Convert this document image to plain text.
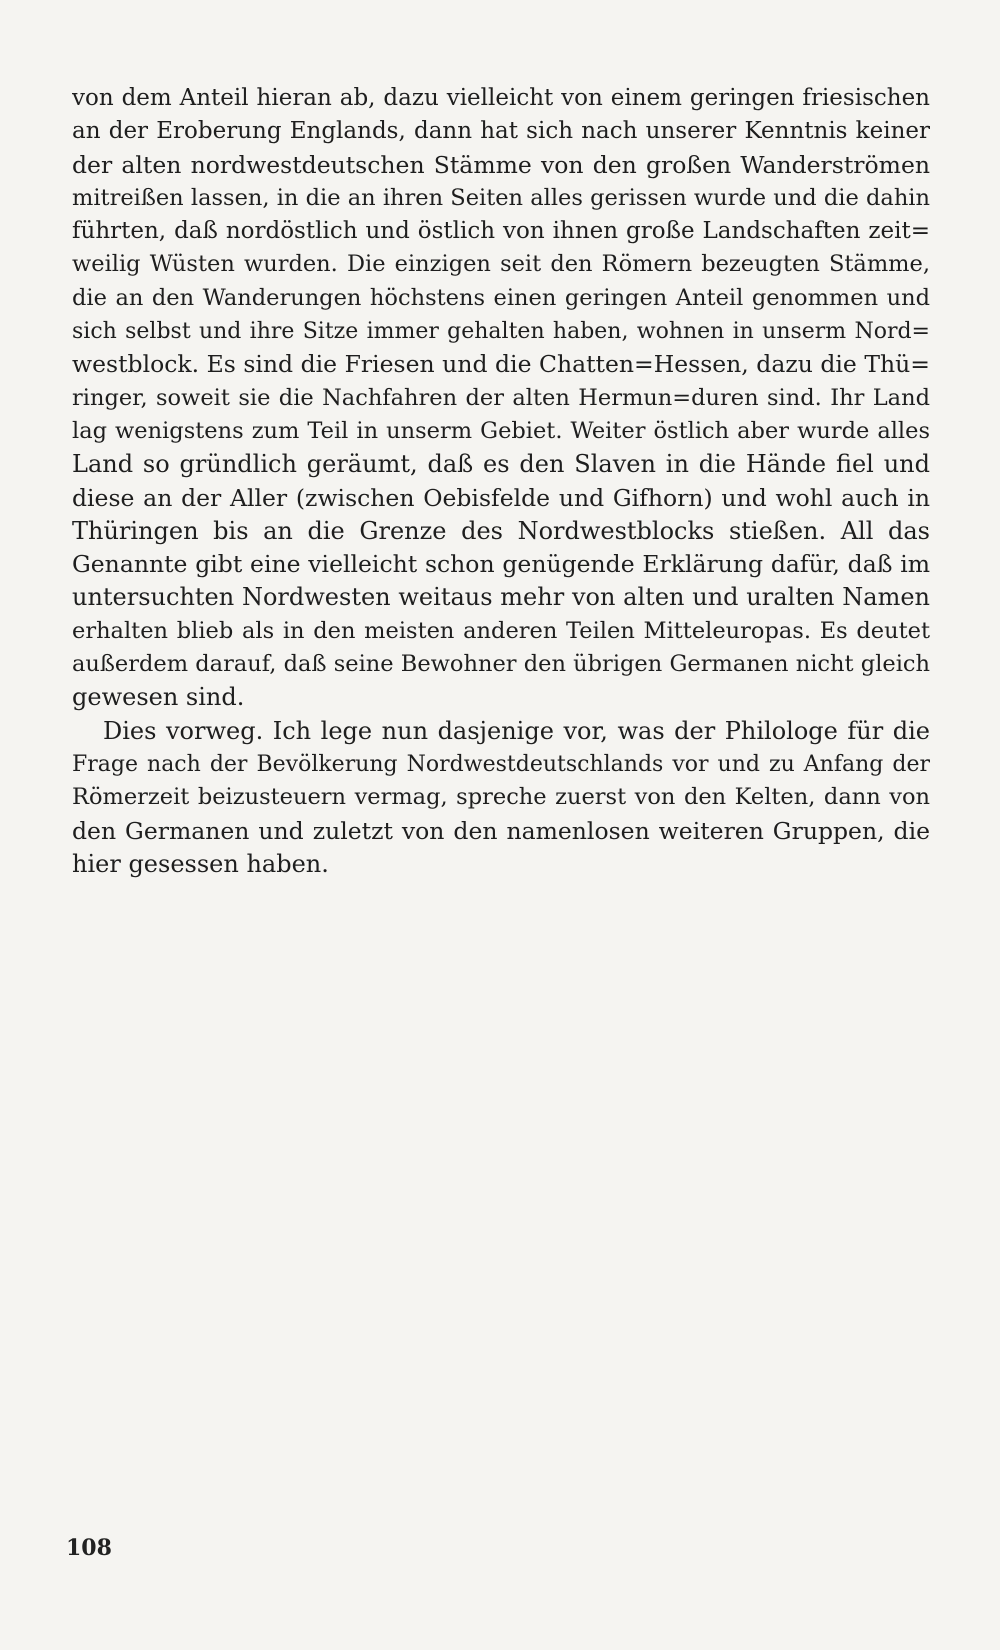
von dem Anteil hieran ab, dazu vielleicht von einem geringen friesischen
an der Eroberung Englands, dann hat sich nach unserer Kenntnis keiner
der alten nordwestdeutschen Stämme von den großen Wanderströmen
mitreißen lassen, in die an ihren Seiten alles gerissen wurde und die dahin
führten, daß nordöstlich und östlich von ihnen große Landschaften zeit=
weilig Wüsten wurden. Die einzigen seit den Römern bezeugten Stämme,
die an den Wanderungen höchstens einen geringen Anteil genommen und
sich selbst und ihre Sitze immer gehalten haben, wohnen in unserm Nord=
westblock. Es sind die Friesen und die Chatten=Hessen, dazu die Thü=
ringer, soweit sie die Nachfahren der alten Hermun=duren sind. Ihr Land
lag wenigstens zum Teil in unserm Gebiet. Weiter östlich aber wurde alles
Land so gründlich geräumt, daß es den Slaven in die Hände fiel und
diese an der Aller (zwischen Oebisfelde und Gifhorn) und wohl auch in
Thüringen bis an die Grenze des Nordwestblocks stießen. All das
Genannte gibt eine vielleicht schon genügende Erklärung dafür, daß im
untersuchten Nordwesten weitaus mehr von alten und uralten Namen
erhalten blieb als in den meisten anderen Teilen Mitteleuropas. Es deutet
außerdem darauf, daß seine Bewohner den übrigen Germanen nicht gleich
gewesen sind.
Dies vorweg. Ich lege nun dasjenige vor, was der Philologe für die
Frage nach der Bevölkerung Nordwestdeutschlands vor und zu Anfang der
Römerzeit beizusteuern vermag, spreche zuerst von den Kelten, dann von
den Germanen und zuletzt von den namenlosen weiteren Gruppen, die
hier gesessen haben.
108
